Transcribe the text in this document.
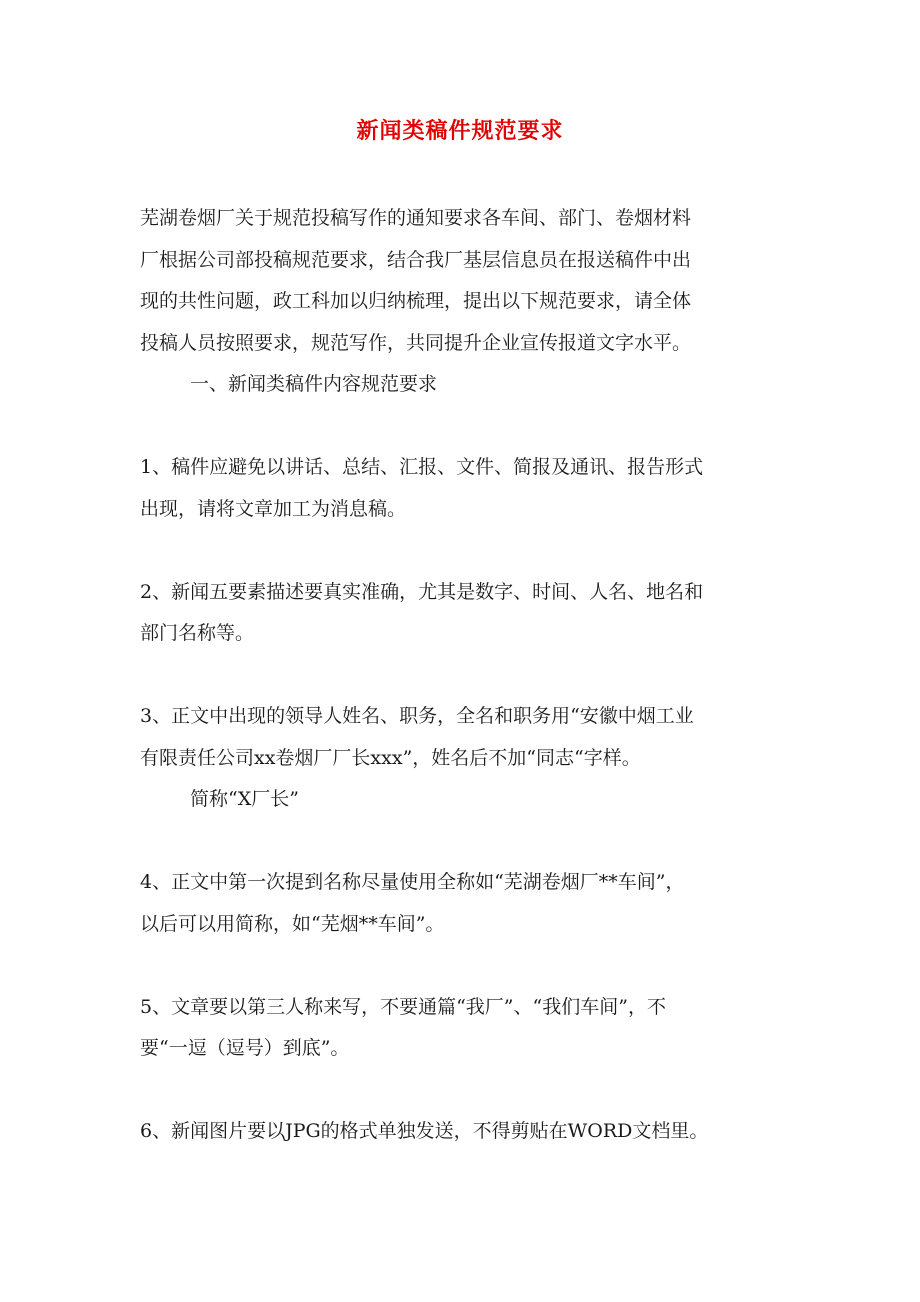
新闻类稿件规范要求
芜湖卷烟厂关于规范投稿写作的通知要求各车间、部门、卷烟材料
厂根据公司部投稿规范要求，结合我厂基层信息员在报送稿件中出
现的共性问题，政工科加以归纳梳理，提出以下规范要求，请全体
投稿人员按照要求，规范写作，共同提升企业宣传报道文字水平。
一、新闻类稿件内容规范要求
1、稿件应避免以讲话、总结、汇报、文件、简报及通讯、报告形式
出现，请将文章加工为消息稿。
2、新闻五要素描述要真实准确，尤其是数字、时间、人名、地名和
部门名称等。
3、正文中出现的领导人姓名、职务，全名和职务用“安徽中烟工业
有限责任公司xx卷烟厂厂长xxx”，姓名后不加“同志“字样。
简称“X厂长”
4、正文中第一次提到名称尽量使用全称如“芜湖卷烟厂**车间”，
以后可以用简称，如“芜烟**车间”。
5、文章要以第三人称来写，不要通篇“我厂”、“我们车间”，不
要“一逗（逗号）到底”。
6、新闻图片要以JPG的格式单独发送，不得剪贴在WORD文档里。
